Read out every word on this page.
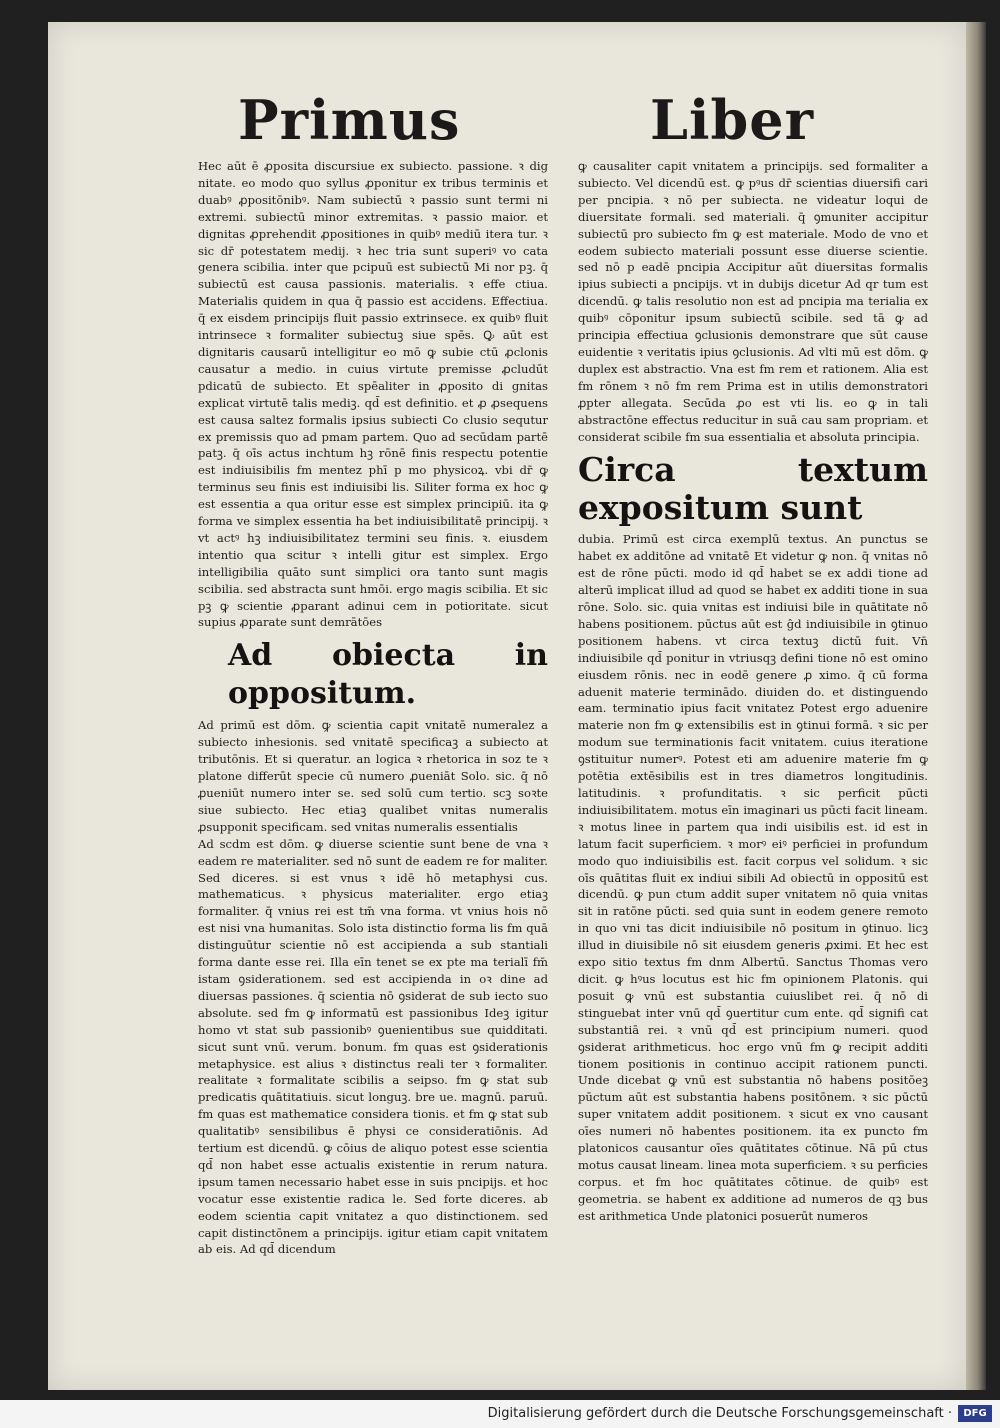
Primus	Liber

Hec aūt ē ꝓposita discursiue ex subiecto. passione. ꝛ dig nitate. eo modo quo syllus ꝓponitur ex tribus terminis et duabꝰ ꝓpositōnibꝰ. Nam subiectū ꝛ passio sunt termi ni extremi. subiectū minor extremitas. ꝛ passio maior. et dignitas ꝓprehendit ꝓpositiones in quibꝰ mediū itera tur. ꝛ sic dr̄ potestatem medij. ꝛ hec tria sunt superiꝰ vo cata genera scibilia. inter que pcipuū est subiectū Mi nor pꝫ. q̄ subiectū est causa passionis. materialis. ꝛ effe ctiua. Materialis quidem in qua q̄ passio est accidens. Effectiua. q̄ ex eisdem principijs fluit passio extrinsece. ex quibꝰ fluit intrinsece ꝛ formaliter subiectuꝫ siue spēs. Ꝙ aūt est dignitaris causarū intelligitur eo mō ꝙ subie ctū ꝓclonis causatur a medio. in cuius virtute premisse ꝓcludūt pdicatū de subiecto. Et spēaliter in ꝓposito di gnitas explicat virtutē talis mediꝫ. qd̄ est definitio. et ꝓ ꝓsequens est causa saltez formalis ipsius subiecti Co clusio sequtur ex premissis quo ad pmam partem. Quo ad secūdam partē patꝫ. q̄ oīs actus inchtum hꝫ rōnē finis respectu potentie est indiuisibilis fm mentez phī p mo physicoꝝ. vbi dr̄ ꝙ terminus seu finis est indiuisibi lis. Siliter forma ex hoc ꝙ est essentia a qua oritur esse est simplex principiū. ita ꝙ forma ve simplex essentia ha bet indiuisibilitatē principij. ꝛ vt actꝰ hꝫ indiuisibilitatez termini seu finis. ꝛ. eiusdem intentio qua scitur ꝛ intelli gitur est simplex. Ergo intelligibilia quāto sunt simplici ora tanto sunt magis scibilia. sed abstracta sunt hmōi. ergo magis scibilia. Et sic pꝫ ꝙ scientie ꝓparant adinui cem in potioritate. sicut supius ꝓparate sunt demrātōes

Ad obiecta in oppositum.

Ad primū est dōm. ꝙ scientia capit vnitatē numeralez a subiecto inhesionis. sed vnitatē specificaꝫ a subiecto at tributōnis. Et si queratur. an logica ꝛ rhetorica in soz te ꝛ platone differūt specie cū numero ꝓueniāt Solo. sic. q̄ nō ꝓueniūt numero inter se. sed solū cum tertio. scꝫ soꝛte siue subiecto. Hec etiaꝫ qualibet vnitas numeralis ꝓsupponit specificam. sed vnitas numeralis essentialis

Ad scdm est dōm. ꝙ diuerse scientie sunt bene de vna ꝛ eadem re materialiter. sed nō sunt de eadem re for maliter. Sed diceres. si est vnus ꝛ idē hō metaphysi cus. mathematicus. ꝛ physicus materialiter. ergo etiaꝫ formaliter. q̄ vnius rei est tm̄ vna forma. vt vnius hois nō est nisi vna humanitas. Solo ista distinctio forma lis fm quā distinguūtur scientie nō est accipienda a sub stantiali forma dante esse rei. Illa eīn tenet se ex pte ma terialī fm̄ istam ꝯsiderationem. sed est accipienda in oꝛ dine ad diuersas passiones. q̄ scientia nō ꝯsiderat de sub iecto suo absolute. sed fm ꝙ informatū est passionibus Ideꝫ igitur homo vt stat sub passionibꝰ ꝯuenientibus sue quidditati. sicut sunt vnū. verum. bonum. fm quas est ꝯsiderationis metaphysice. est alius ꝛ distinctus reali ter ꝛ formaliter. realitate ꝛ formalitate scibilis a seipso. fm ꝙ stat sub predicatis quātitatiuis. sicut longuꝫ. bre ue. magnū. paruū. fm quas est mathematice considera tionis. et fm ꝙ stat sub qualitatibꝰ sensibilibus ē physi ce consideratiōnis. Ad tertium est dicendū. ꝙ cōius de aliquo potest esse scientia qd̄ non habet esse actualis existentie in rerum natura. ipsum tamen necessario habet esse in suis pncipijs. et hoc vocatur esse existentie radica le. Sed forte diceres. ab eodem scientia capit vnitatez a quo distinctionem. sed capit distinctōnem a principijs. igitur etiam capit vnitatem ab eis. Ad qd̄ dicendum

ꝙ causaliter capit vnitatem a principijs. sed formaliter a subiecto. Vel dicendū est. ꝙ pꝰus dr̄ scientias diuersifi cari per pncipia. ꝛ nō per subiecta. ne videatur loqui de diuersitate formali. sed materiali. q̄ ꝯmuniter accipitur subiectū pro subiecto fm ꝙ est materiale. Modo de vno et eodem subiecto materiali possunt esse diuerse scientie. sed nō p eadē pncipia Accipitur aūt diuersitas formalis ipius subiecti a pncipijs. vt in dubijs dicetur Ad qr tum est dicendū. ꝙ talis resolutio non est ad pncipia ma terialia ex quibꝰ cōponitur ipsum subiectū scibile. sed tā ꝙ ad principia effectiua ꝯclusionis demonstrare que sūt cause euidentie ꝛ veritatis ipius ꝯclusionis. Ad vlti mū est dōm. ꝙ duplex est abstractio. Vna est fm rem et rationem. Alia est fm rōnem ꝛ nō fm rem Prima est in utilis demonstratori ꝓpter allegata. Secūda ꝓo est vti lis. eo ꝙ in tali abstractōne effectus reducitur in suā cau sam propriam. et considerat scibile fm sua essentialia et absoluta principia.

Circa textum expositum sunt

dubia. Primū est circa exemplū textus. An punctus se habet ex additōne ad vnitatē Et videtur ꝙ non. q̄ vnitas nō est de rōne pūcti. modo id qd̄ habet se ex addi tione ad alterū implicat illud ad quod se habet ex additi tione in sua rōne. Solo. sic. quia vnitas est indiuisi bile in quātitate nō habens positionem. pūctus aūt est ĝd indiuisibile in ꝯtinuo positionem habens. vt circa textuꝫ dictū fuit. Vn̄ indiuisibile qd̄ ponitur in vtriusqꝫ defini tione nō est omino eiusdem rōnis. nec in eodē genere ꝓ ximo. q̄ cū forma aduenit materie terminādo. diuiden do. et distinguendo eam. terminatio ipius facit vnitatez Potest ergo aduenire materie non fm ꝙ extensibilis est in ꝯtinui formā. ꝛ sic per modum sue terminationis facit vnitatem. cuius iteratione ꝯstituitur numerꝰ. Potest eti am aduenire materie fm ꝙ potētia extēsibilis est in tres diametros longitudinis. latitudinis. ꝛ profunditatis. ꝛ sic perficit pūcti indiuisibilitatem. motus eīn imaginari us pūcti facit lineam. ꝛ motus linee in partem qua indi uisibilis est. id est in latum facit superficiem. ꝛ morꝰ eiꝰ perficiei in profundum modo quo indiuisibilis est. facit corpus vel solidum. ꝛ sic oīs quātitas fluit ex indiui sibili Ad obiectū in oppositū est dicendū. ꝙ pun ctum addit super vnitatem nō quia vnitas sit in ratōne pūcti. sed quia sunt in eodem genere remoto in quo vni tas dicit indiuisibile nō positum in ꝯtinuo. licꝫ illud in diuisibile nō sit eiusdem generis ꝓximi. Et hec est expo sitio textus fm dnm Albertū. Sanctus Thomas vero dicit. ꝙ hꝰus locutus est hic fm opinionem Platonis. qui posuit ꝙ vnū est substantia cuiuslibet rei. q̄ nō di stinguebat inter vnū qd̄ ꝯuertitur cum ente. qd̄ signifi cat substantiā rei. ꝛ vnū qd̄ est principium numeri. quod ꝯsiderat arithmeticus. hoc ergo vnū fm ꝙ recipit additi tionem positionis in continuo accipit rationem puncti. Unde dicebat ꝙ vnū est substantia nō habens positōeꝫ pūctum aūt est substantia habens positōnem. ꝛ sic pūctū super vnitatem addit positionem. ꝛ sicut ex vno causant oīes numeri nō habentes positionem. ita ex puncto fm platonicos causantur oīes quātitates cōtinue. Nā pū ctus motus causat lineam. linea mota superficiem. ꝛ su perficies corpus. et fm hoc quātitates cōtinue. de quibꝰ est geometria. se habent ex additione ad numeros de qꝫ bus est arithmetica Unde platonici posuerūt numeros

Digitalisierung gefördert durch die Deutsche Forschungsgemeinschaft ·	DFG
